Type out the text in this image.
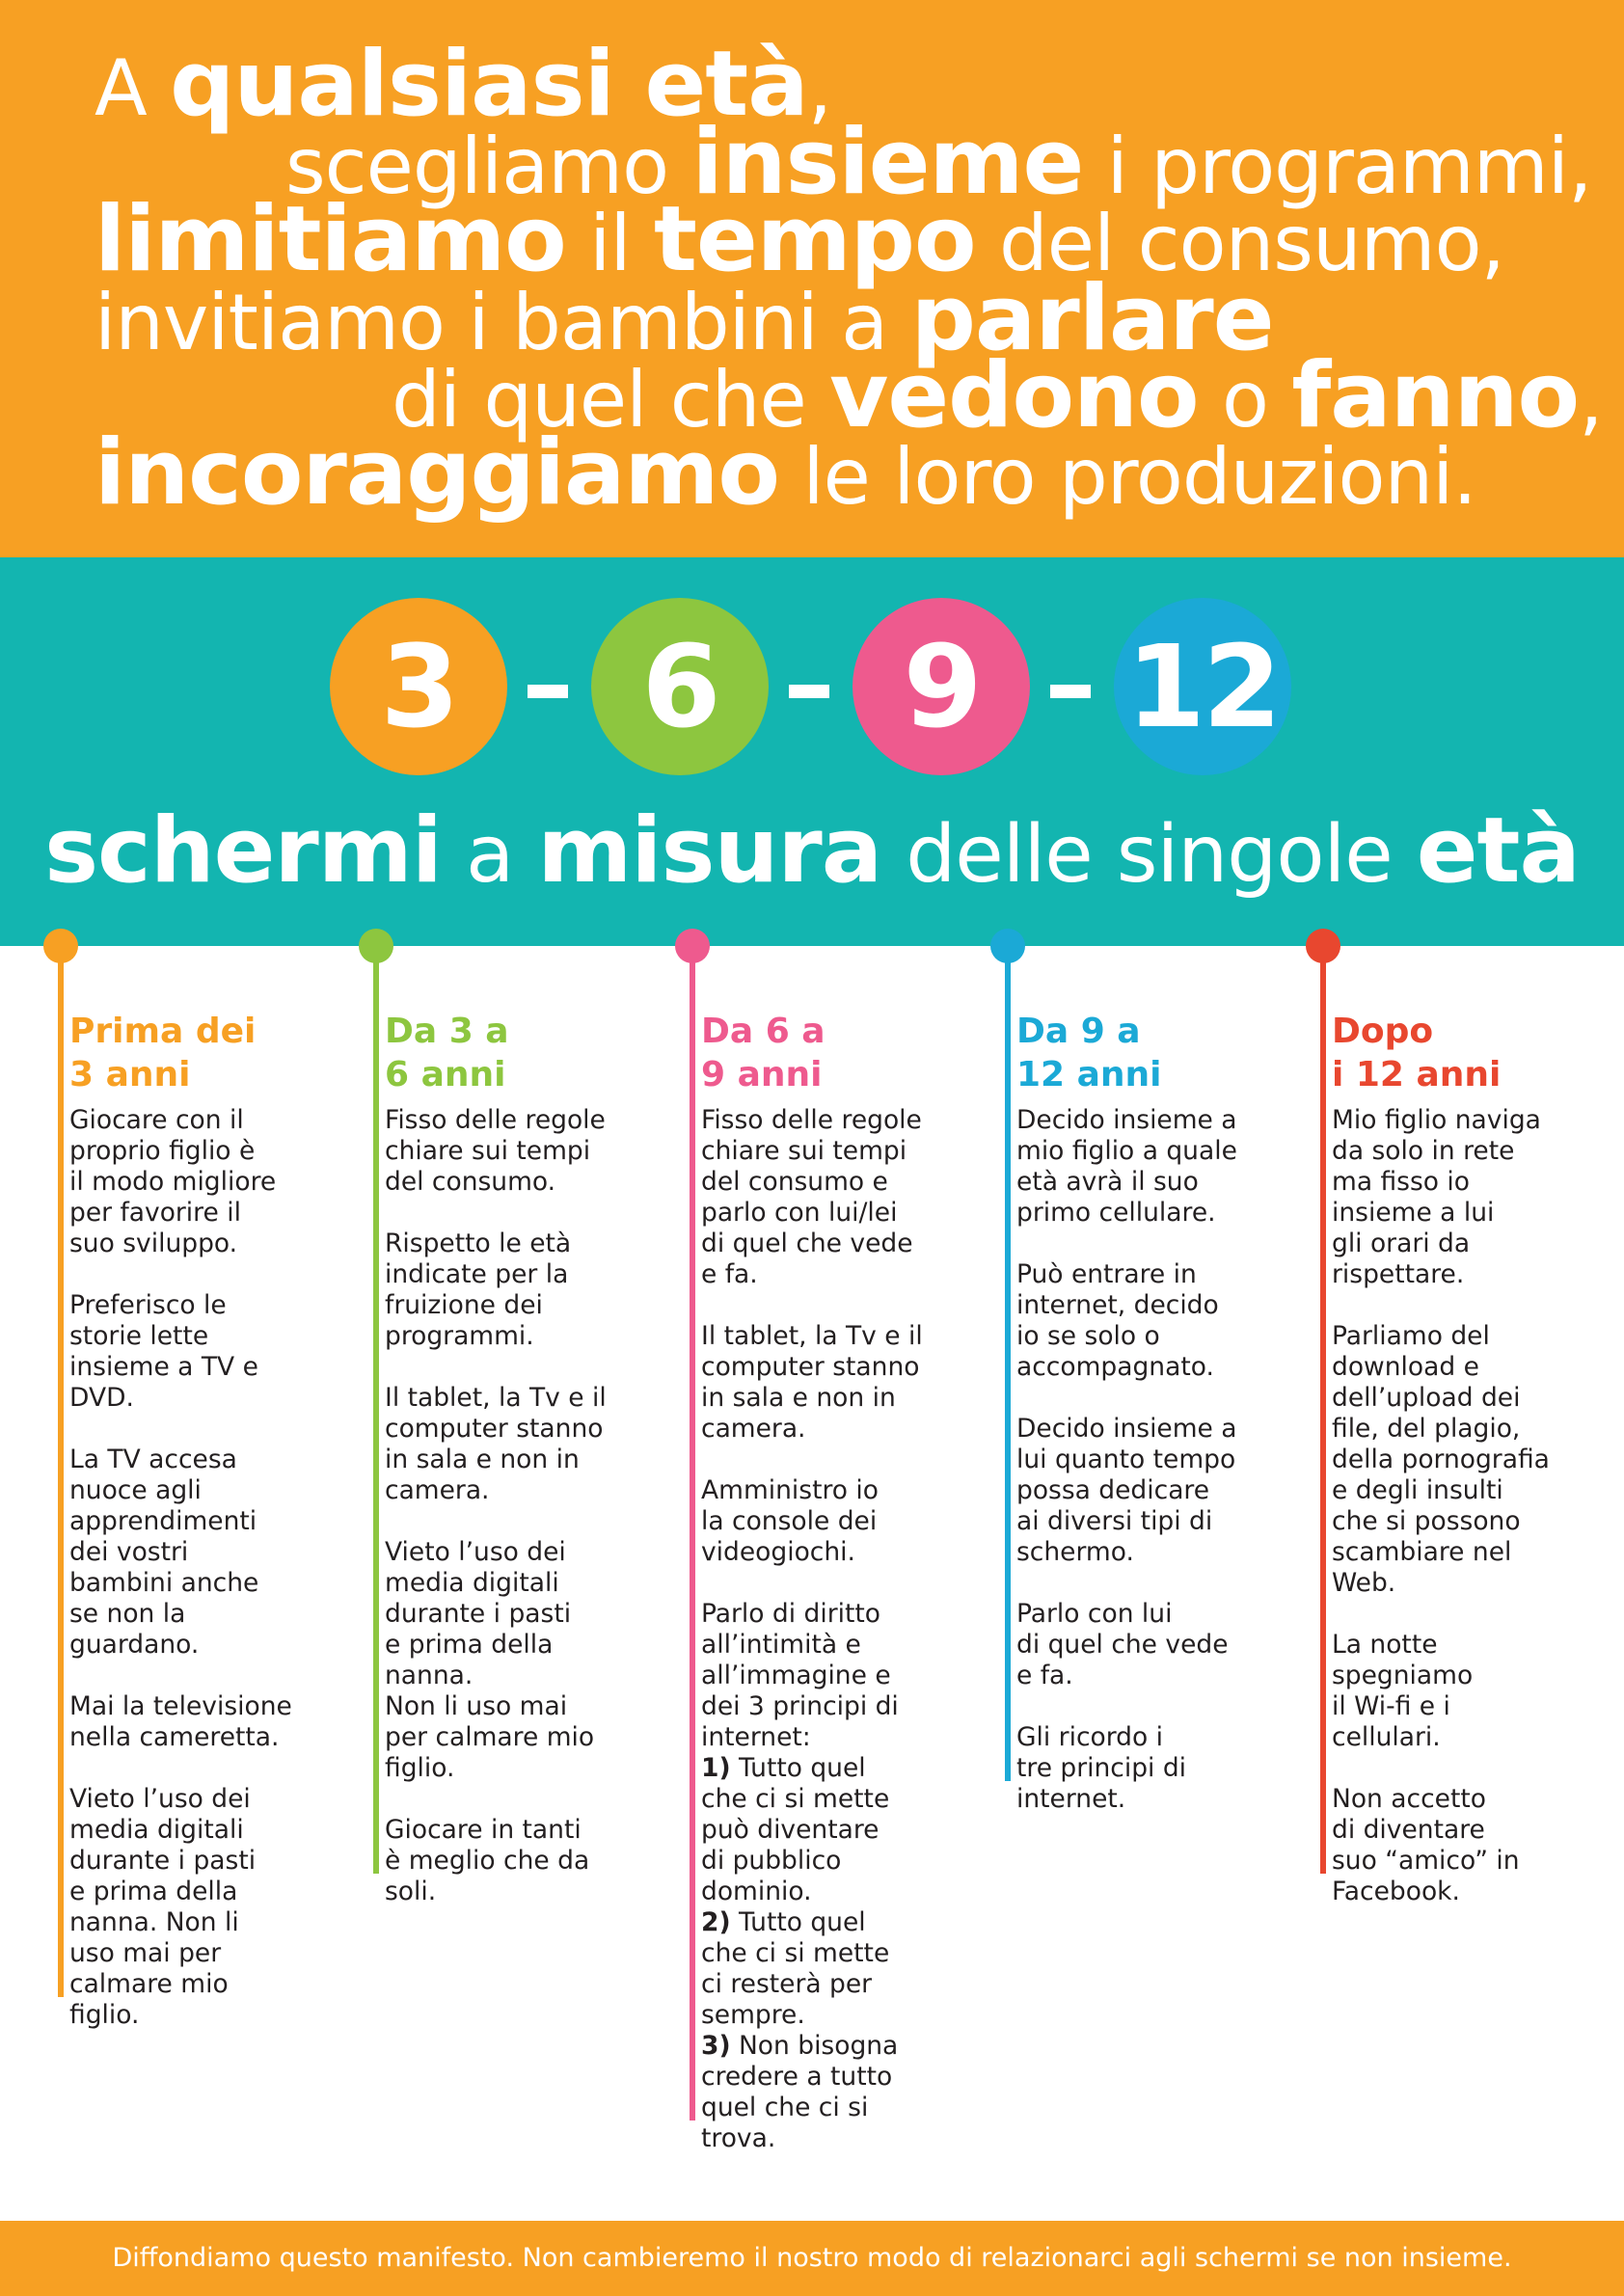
A qualsiasi età,

scegliamo insieme i programmi,

limitiamo il tempo del consumo,

invitiamo i bambini a parlare

di quel che vedono o fanno,

incoraggiamo le loro produzioni.

3	6	9	12
schermi a misura delle singole età
Prima dei
3 anni
Giocare con il
proprio figlio è
il modo migliore
per favorire il
suo sviluppo.

Preferisco le
storie lette
insieme a TV e
DVD.

La TV accesa
nuoce agli
apprendimenti
dei vostri
bambini anche
se non la
guardano.

Mai la televisione
nella cameretta.

Vieto l’uso dei
media digitali
durante i pasti
e prima della
nanna. Non li
uso mai per
calmare mio
figlio.
Da 3 a
6 anni
Fisso delle regole
chiare sui tempi
del consumo.

Rispetto le età
indicate per la
fruizione dei
programmi.

Il tablet, la Tv e il
computer stanno
in sala e non in
camera.

Vieto l’uso dei
media digitali
durante i pasti
e prima della
nanna.
Non li uso mai
per calmare mio
figlio.

Giocare in tanti
è meglio che da
soli.
Da 6 a
9 anni
Fisso delle regole
chiare sui tempi
del consumo e
parlo con lui/lei
di quel che vede
e fa.

Il tablet, la Tv e il
computer stanno
in sala e non in
camera.

Amministro io
la console dei
videogiochi.

Parlo di diritto
all’intimità e
all’immagine e
dei 3 principi di
internet:
1) Tutto quel
che ci si mette
può diventare
di pubblico
dominio.
2) Tutto quel
che ci si mette
ci resterà per
sempre.
3) Non bisogna
credere a tutto
quel che ci si
trova.
Da 9 a
12 anni
Decido insieme a
mio figlio a quale
età avrà il suo
primo cellulare.

Può entrare in
internet, decido
io se solo o
accompagnato.

Decido insieme a
lui quanto tempo
possa dedicare
ai diversi tipi di
schermo.

Parlo con lui
di quel che vede
e fa.

Gli ricordo i
tre principi di
internet.
Dopo
i 12 anni
Mio figlio naviga
da solo in rete
ma fisso io
insieme a lui
gli orari da
rispettare.

Parliamo del
download e
dell’upload dei
file, del plagio,
della pornografia
e degli insulti
che si possono
scambiare nel
Web.

La notte
spegniamo
il Wi-fi e i
cellulari.

Non accetto
di diventare
suo “amico” in
Facebook.

Diffondiamo questo manifesto. Non cambieremo il nostro modo di relazionarci agli schermi se non insieme.
